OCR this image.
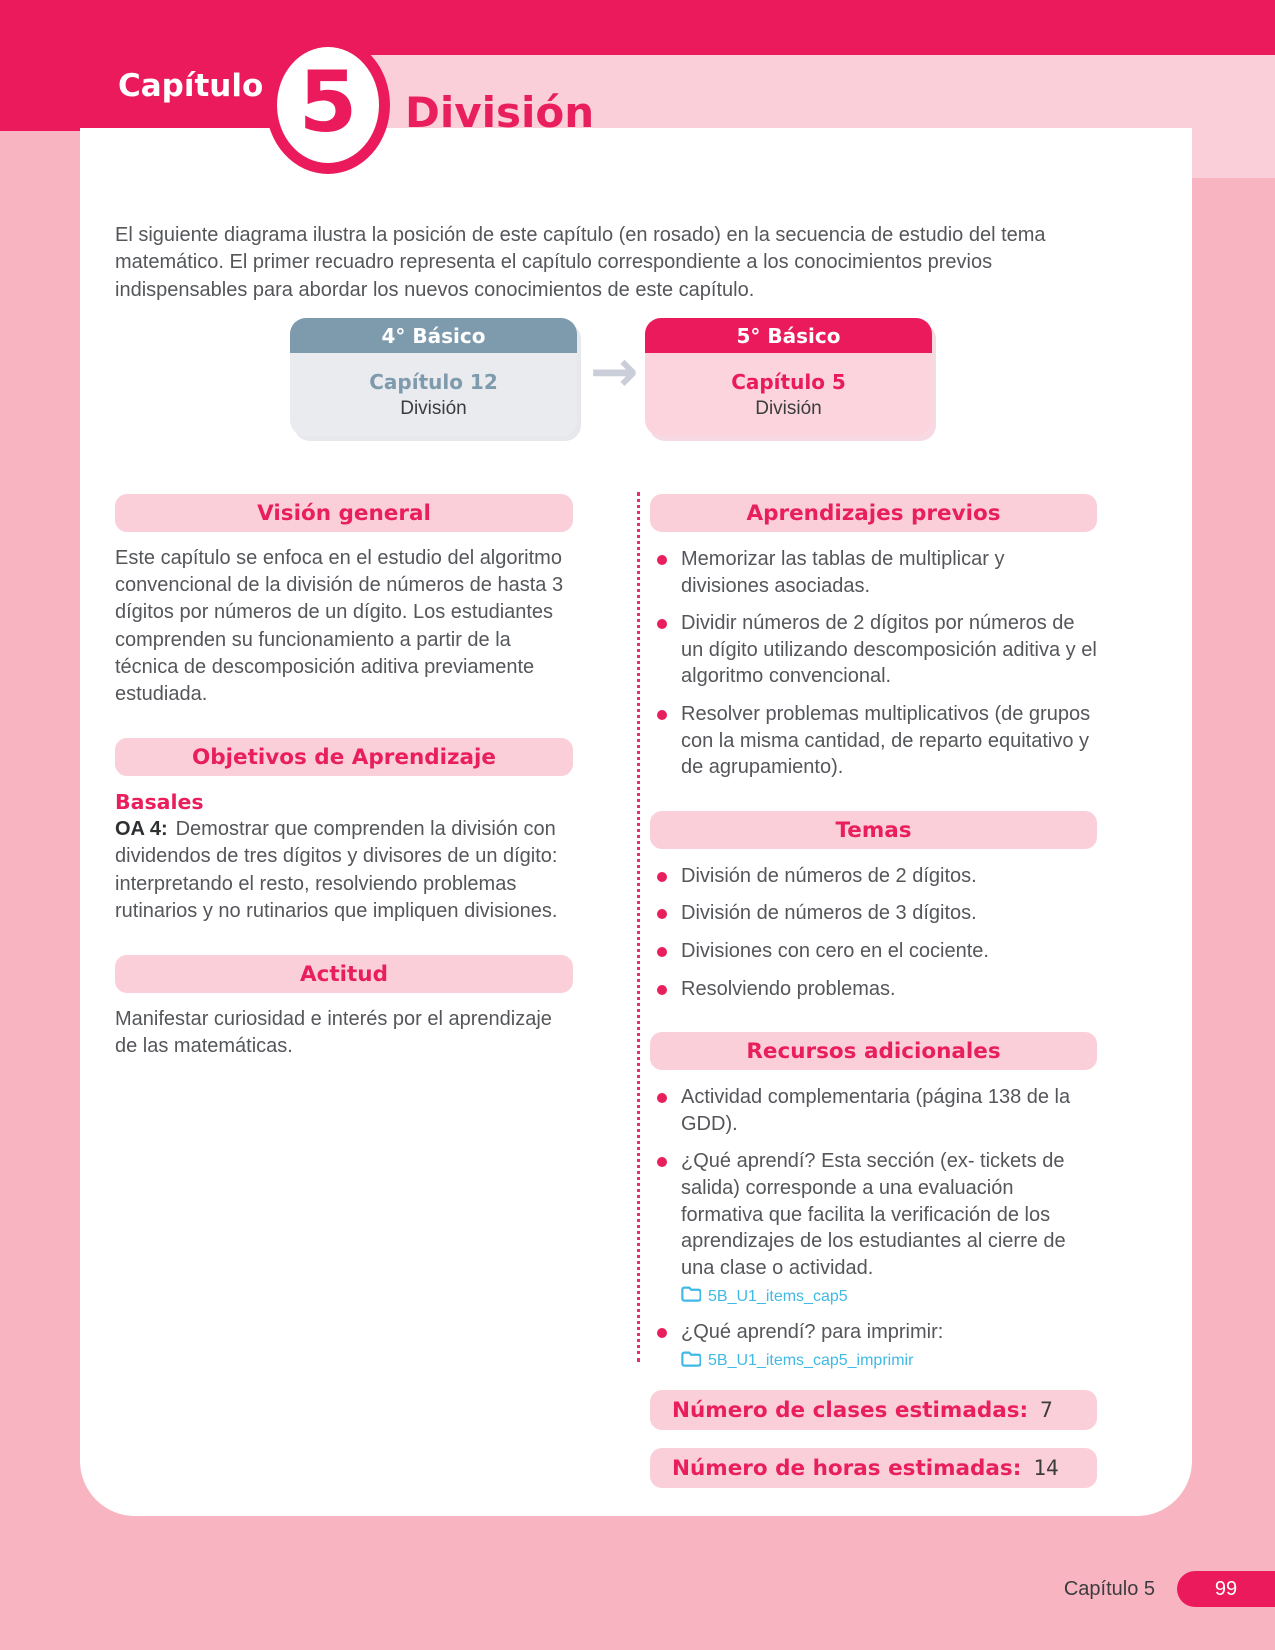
Capítulo 5 División

El siguiente diagrama ilustra la posición de este capítulo (en rosado) en la secuencia de estudio del tema matemático. El primer recuadro representa el capítulo correspondiente a los conocimientos previos indispensables para abordar los nuevos conocimientos de este capítulo.

4° Básico
Capítulo 12
División
→
5° Básico
Capítulo 5
División
Visión general

Este capítulo se enfoca en el estudio del algoritmo convencional de la división de números de hasta 3 dígitos por números de un dígito. Los estudiantes comprenden su funcionamiento a partir de la técnica de descomposición aditiva previamente estudiada.

Objetivos de Aprendizaje
Basales

OA 4: Demostrar que comprenden la división con dividendos de tres dígitos y divisores de un dígito: interpretando el resto, resolviendo problemas rutinarios y no rutinarios que impliquen divisiones.

Actitud

Manifestar curiosidad e interés por el aprendizaje de las matemáticas.

Aprendizajes previos
Memorizar las tablas de multiplicar y divisiones asociadas.
Dividir números de 2 dígitos por números de un dígito utilizando descomposición aditiva y el algoritmo convencional.
Resolver problemas multiplicativos (de grupos con la misma cantidad, de reparto equitativo y de agrupamiento).
Temas
División de números de 2 dígitos.
División de números de 3 dígitos.
Divisiones con cero en el cociente.
Resolviendo problemas.
Recursos adicionales
Actividad complementaria (página 138 de la GDD).
¿Qué aprendí? Esta sección (ex- tickets de salida) corresponde a una evaluación formativa que facilita la verificación de los aprendizajes de los estudiantes al cierre de una clase o actividad.
5B_U1_items_cap5
¿Qué aprendí? para imprimir:
5B_U1_items_cap5_imprimir
Número de clases estimadas: 7
Número de horas estimadas: 14
Capítulo 5	99
